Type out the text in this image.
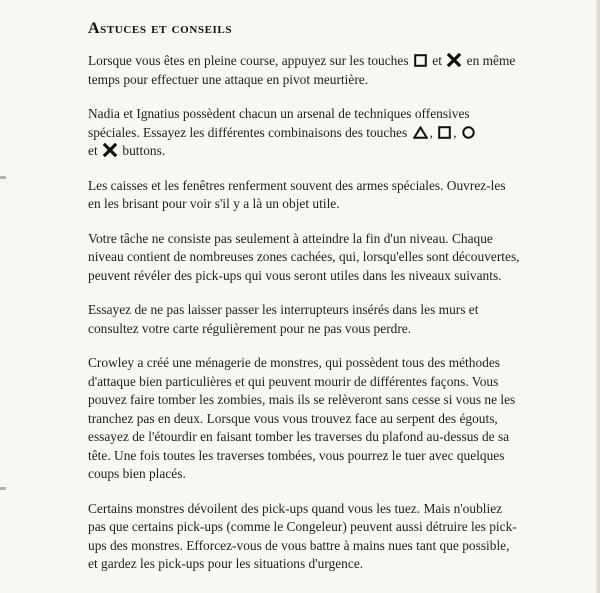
Astuces et conseils

Lorsque vous êtes en pleine course, appuyez sur les touches et en même temps pour effectuer une attaque en pivot meurtière.

Nadia et Ignatius possèdent chacun un arsenal de techniques offensives spéciales. Essayez les différentes combinaisons des touches , ,

et buttons.

Les caisses et les fenêtres renferment souvent des armes spéciales. Ouvrez-les en les brisant pour voir s'il y a là un objet utile.

Votre tâche ne consiste pas seulement à atteindre la fin d'un niveau. Chaque niveau contient de nombreuses zones cachées, qui, lorsqu'elles sont découvertes, peuvent révéler des pick-ups qui vous seront utiles dans les niveaux suivants.

Essayez de ne pas laisser passer les interrupteurs insérés dans les murs et consultez votre carte régulièrement pour ne pas vous perdre.

Crowley a créé une ménagerie de monstres, qui possèdent tous des méthodes d'attaque bien particulières et qui peuvent mourir de différentes façons. Vous pouvez faire tomber les zombies, mais ils se relèveront sans cesse si vous ne les tranchez pas en deux. Lorsque vous vous trouvez face au serpent des égouts, essayez de l'étourdir en faisant tomber les traverses du plafond au-dessus de sa tête. Une fois toutes les traverses tombées, vous pourrez le tuer avec quelques coups bien placés.

Certains monstres dévoilent des pick-ups quand vous les tuez. Mais n'oubliez pas que certains pick-ups (comme le Congeleur) peuvent aussi détruire les pick-ups des monstres. Efforcez-vous de vous battre à mains nues tant que possible, et gardez les pick-ups pour les situations d'urgence.
